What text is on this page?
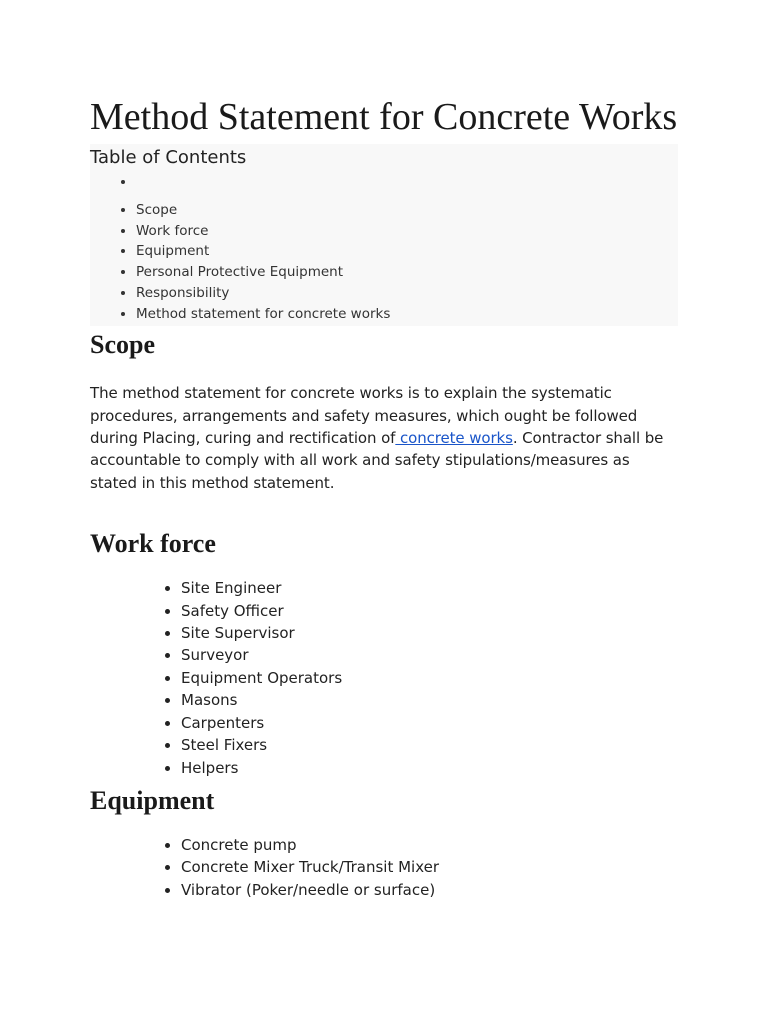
Method Statement for Concrete Works
Table of Contents
•
• Scope
• Work force
• Equipment
• Personal Protective Equipment
• Responsibility
• Method statement for concrete works
Scope

The method statement for concrete works is to explain the systematic procedures, arrangements and safety measures, which ought be followed during Placing, curing and rectification of concrete works. Contractor shall be accountable to comply with all work and safety stipulations/measures as stated in this method statement.

Work force
• Site Engineer
• Safety Officer
• Site Supervisor
• Surveyor
• Equipment Operators
• Masons
• Carpenters
• Steel Fixers
• Helpers
Equipment
• Concrete pump
• Concrete Mixer Truck/Transit Mixer
• Vibrator (Poker/needle or surface)
